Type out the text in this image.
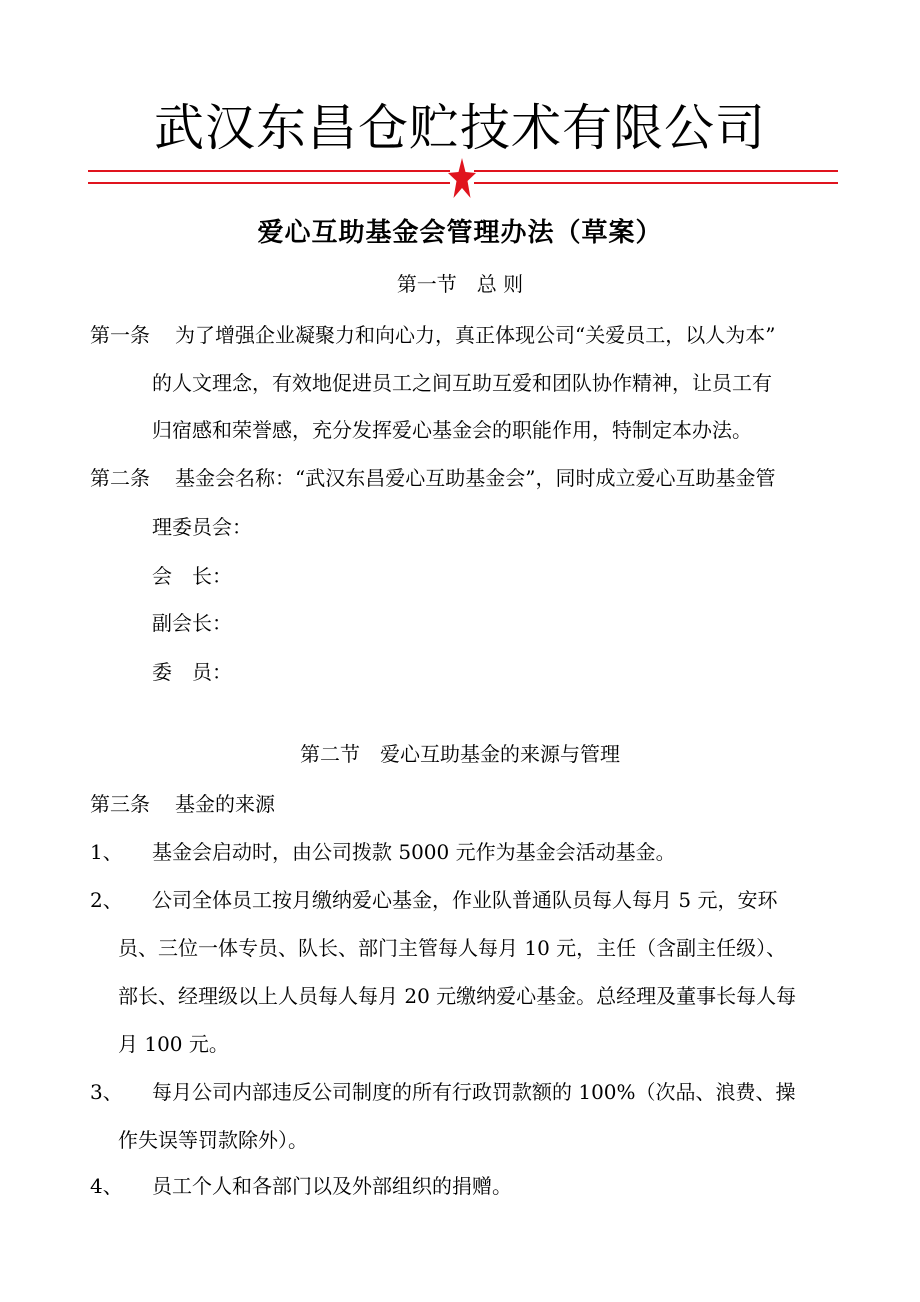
武汉东昌仓贮技术有限公司
爱心互助基金会管理办法（草案）
第一节　总 则
第一条 为了增强企业凝聚力和向心力，真正体现公司“关爱员工，以人为本”
的人文理念，有效地促进员工之间互助互爱和团队协作精神，让员工有
归宿感和荣誉感，充分发挥爱心基金会的职能作用，特制定本办法。
第二条 基金会名称：“武汉东昌爱心互助基金会”，同时成立爱心互助基金管
理委员会：
会　长：
副会长：
委　员：
第二节　爱心互助基金的来源与管理
第三条 基金的来源
1、 基金会启动时，由公司拨款 5000 元作为基金会活动基金。
2、 公司全体员工按月缴纳爱心基金，作业队普通队员每人每月 5 元，安环
员、三位一体专员、队长、部门主管每人每月 10 元，主任（含副主任级）、
部长、经理级以上人员每人每月 20 元缴纳爱心基金。总经理及董事长每人每
月 100 元。
3、 每月公司内部违反公司制度的所有行政罚款额的 100%（次品、浪费、操
作失误等罚款除外）。
4、 员工个人和各部门以及外部组织的捐赠。
